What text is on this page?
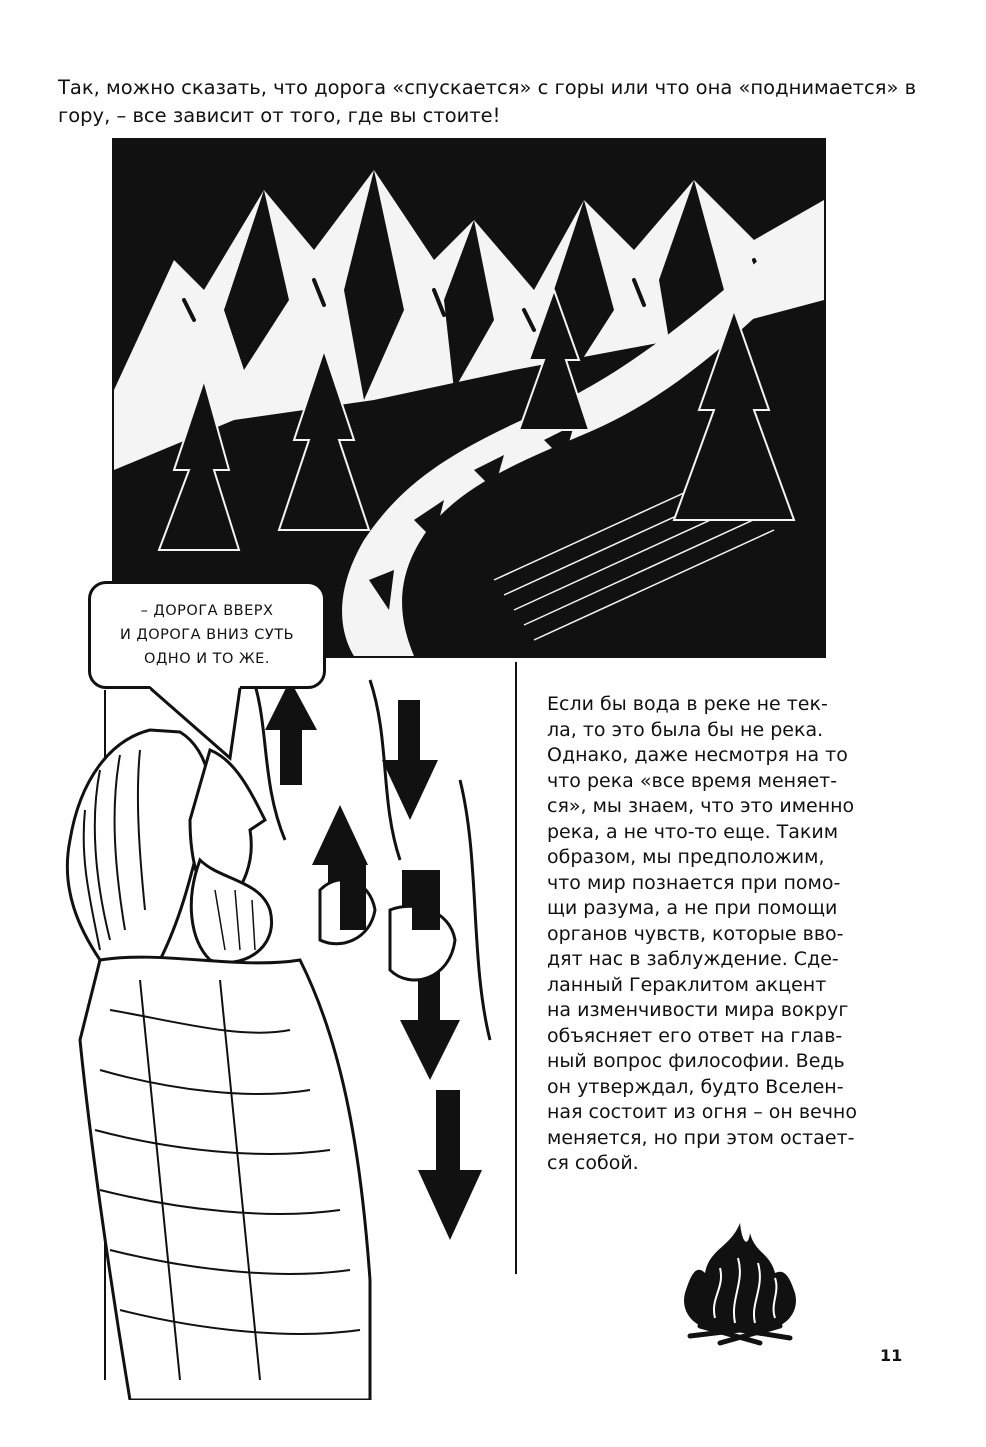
Так, можно сказать, что дорога «спускается» с горы или что она «поднимается» в гору, – все зависит от того, где вы стоите!
– ДОРОГА ВВЕРХ
И ДОРОГА ВНИЗ СУТЬ
ОДНО И ТО ЖЕ.
Если бы вода в реке не тек-
ла, то это была бы не река.
Однако, даже несмотря на то
что река «все время меняет-
ся», мы знаем, что это именно
река, а не что-то еще. Таким
образом, мы предположим,
что мир познается при помо-
щи разума, а не при помощи
органов чувств, которые вво-
дят нас в заблуждение. Сде-
ланный Гераклитом акцент
на изменчивости мира вокруг
объясняет его ответ на глав-
ный вопрос философии. Ведь
он утверждал, будто Вселен-
ная состоит из огня – он вечно
меняется, но при этом остает-
ся собой.
11
